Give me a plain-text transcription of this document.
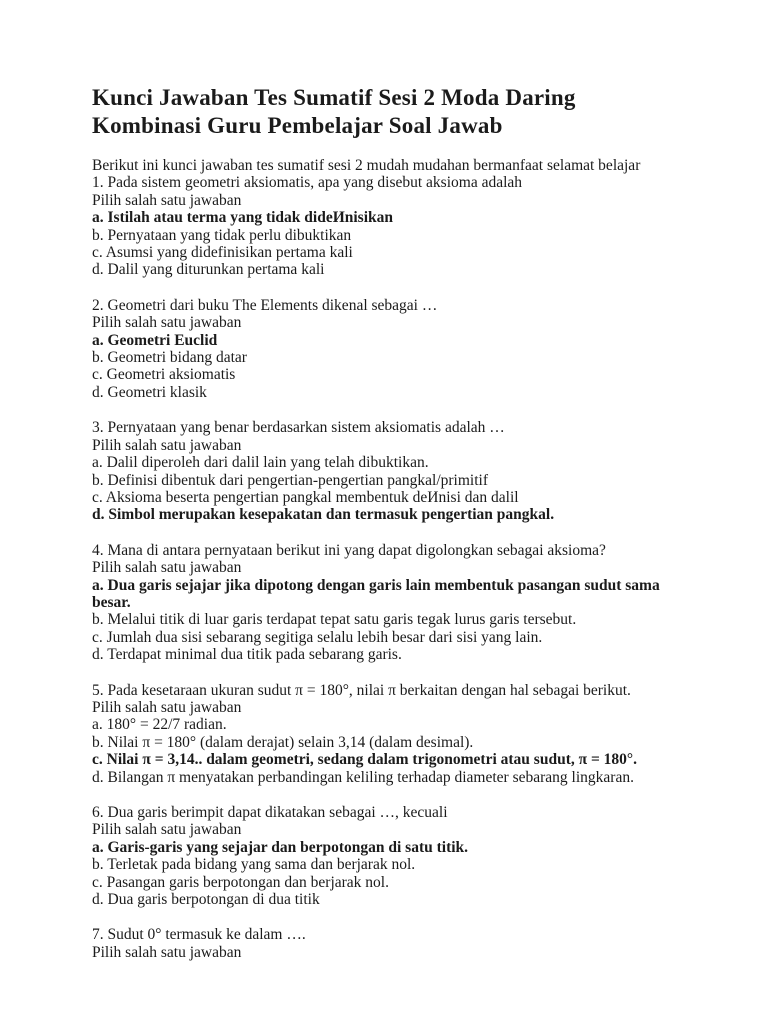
Kunci Jawaban Tes Sumatif Sesi 2 Moda Daring
Kombinasi Guru Pembelajar Soal Jawab
Berikut ini kunci jawaban tes sumatif sesi 2 mudah mudahan bermanfaat selamat belajar
1. Pada sistem geometri aksiomatis, apa yang disebut aksioma adalah
Pilih salah satu jawaban
a. Istilah atau terma yang tidak dideИnisikan
b. Pernyataan yang tidak perlu dibuktikan
c. Asumsi yang didefinisikan pertama kali
d. Dalil yang diturunkan pertama kali
2. Geometri dari buku The Elements dikenal sebagai …
Pilih salah satu jawaban
a. Geometri Euclid
b. Geometri bidang datar
c. Geometri aksiomatis
d. Geometri klasik
3. Pernyataan yang benar berdasarkan sistem aksiomatis adalah …
Pilih salah satu jawaban
a. Dalil diperoleh dari dalil lain yang telah dibuktikan.
b. Definisi dibentuk dari pengertian-pengertian pangkal/primitif
c. Aksioma beserta pengertian pangkal membentuk deИnisi dan dalil
d. Simbol merupakan kesepakatan dan termasuk pengertian pangkal.
4. Mana di antara pernyataan berikut ini yang dapat digolongkan sebagai aksioma?
Pilih salah satu jawaban
a. Dua garis sejajar jika dipotong dengan garis lain membentuk pasangan sudut sama besar.
b. Melalui titik di luar garis terdapat tepat satu garis tegak lurus garis tersebut.
c. Jumlah dua sisi sebarang segitiga selalu lebih besar dari sisi yang lain.
d. Terdapat minimal dua titik pada sebarang garis.
5. Pada kesetaraan ukuran sudut π = 180°, nilai π berkaitan dengan hal sebagai berikut.
Pilih salah satu jawaban
a. 180° = 22/7 radian.
b. Nilai π = 180° (dalam derajat) selain 3,14 (dalam desimal).
c. Nilai π = 3,14.. dalam geometri, sedang dalam trigonometri atau sudut, π = 180°.
d. Bilangan π menyatakan perbandingan keliling terhadap diameter sebarang lingkaran.
6. Dua garis berimpit dapat dikatakan sebagai …, kecuali
Pilih salah satu jawaban
a. Garis-garis yang sejajar dan berpotongan di satu titik.
b. Terletak pada bidang yang sama dan berjarak nol.
c. Pasangan garis berpotongan dan berjarak nol.
d. Dua garis berpotongan di dua titik
7. Sudut 0° termasuk ke dalam ….
Pilih salah satu jawaban
